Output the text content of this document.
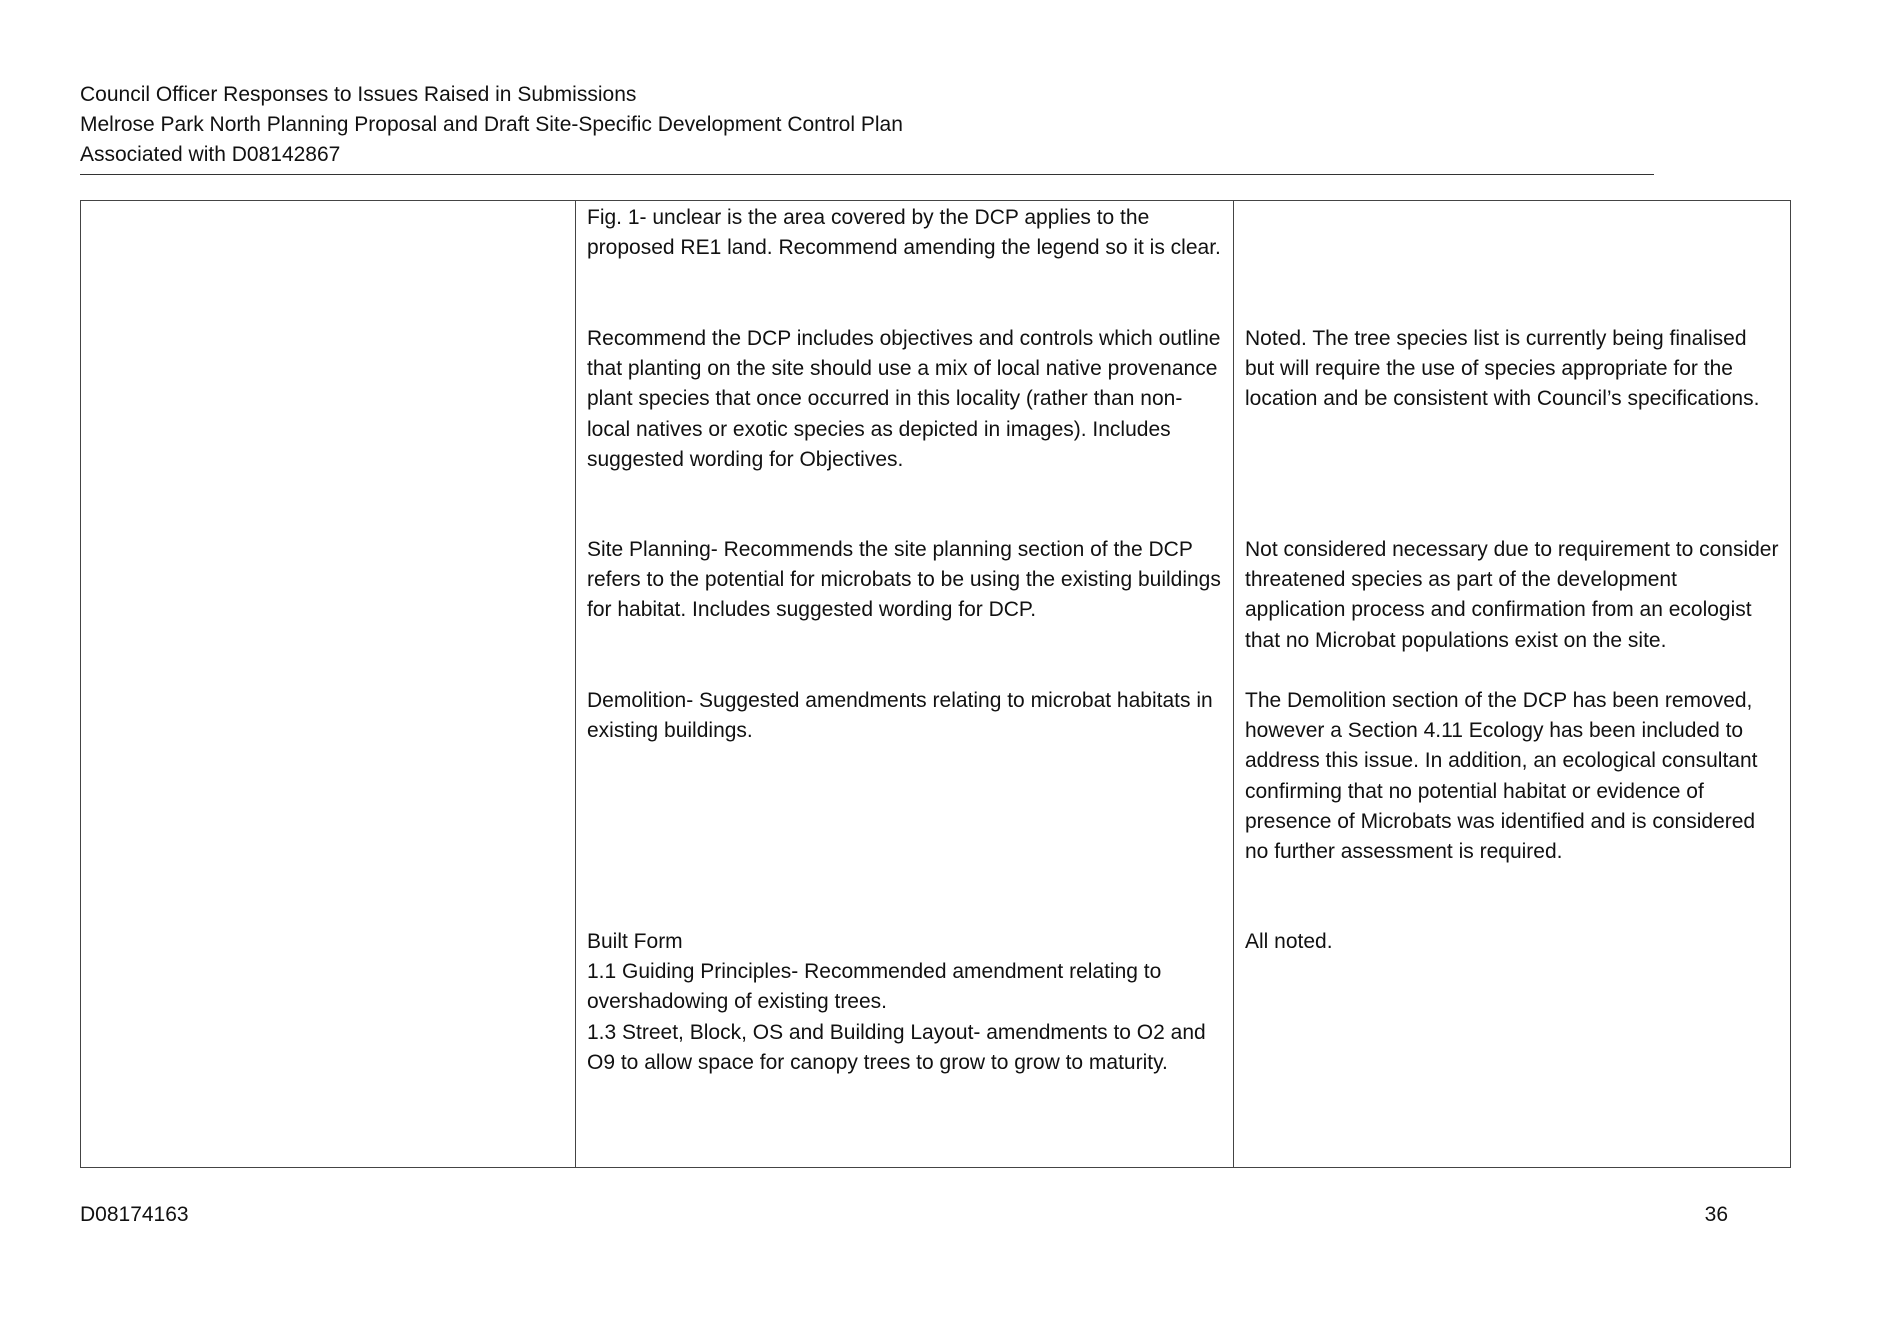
Council Officer Responses to Issues Raised in Submissions
Melrose Park North Planning Proposal and Draft Site-Specific Development Control Plan
Associated with D08142867

Fig. 1- unclear is the area covered by the DCP applies to the proposed RE1 land. Recommend amending the legend so it is clear.

Recommend the DCP includes objectives and controls which outline that planting on the site should use a mix of local native provenance plant species that once occurred in this locality (rather than non-local natives or exotic species as depicted in images). Includes suggested wording for Objectives.

Site Planning- Recommends the site planning section of the DCP refers to the potential for microbats to be using the existing buildings for habitat. Includes suggested wording for DCP.

Demolition- Suggested amendments relating to microbat habitats in existing buildings.

Built Form

1.1 Guiding Principles- Recommended amendment relating to overshadowing of existing trees.

1.3 Street, Block, OS and Building Layout- amendments to O2 and O9 to allow space for canopy trees to grow to grow to maturity.

Noted. The tree species list is currently being finalised but will require the use of species appropriate for the location and be consistent with Council’s specifications.

Not considered necessary due to requirement to consider threatened species as part of the development application process and confirmation from an ecologist that no Microbat populations exist on the site.

The Demolition section of the DCP has been removed, however a Section 4.11 Ecology has been included to address this issue. In addition, an ecological consultant confirming that no potential habitat or evidence of presence of Microbats was identified and is considered no further assessment is required.

All noted.

D08174163	36
